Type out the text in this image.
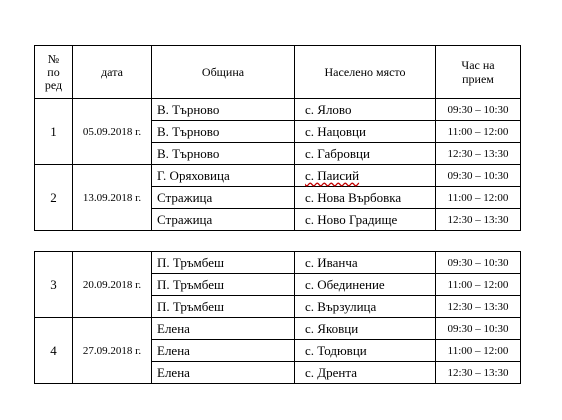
№
по
ред	дата	Община	Населено място	Час на
прием
1	05.09.2018 г.	В. Търново	с. Ялово	09:30 – 10:30
		В. Търново	с. Нацовци	11:00 – 12:00
		В. Търново	с. Габровци	12:30 – 13:30
2	13.09.2018 г.	Г. Оряховица	с. Паисий	09:30 – 10:30
		Стражица	с. Нова Върбовка	11:00 – 12:00
		Стражица	с. Ново Градище	12:30 – 13:30
3	20.09.2018 г.	П. Тръмбеш	с. Иванча	09:30 – 10:30
		П. Тръмбеш	с. Обединение	11:00 – 12:00
		П. Тръмбеш	с. Вързулица	12:30 – 13:30
4	27.09.2018 г.	Елена	с. Яковци	09:30 – 10:30
		Елена	с. Тодювци	11:00 – 12:00
		Елена	с. Дрента	12:30 – 13:30
